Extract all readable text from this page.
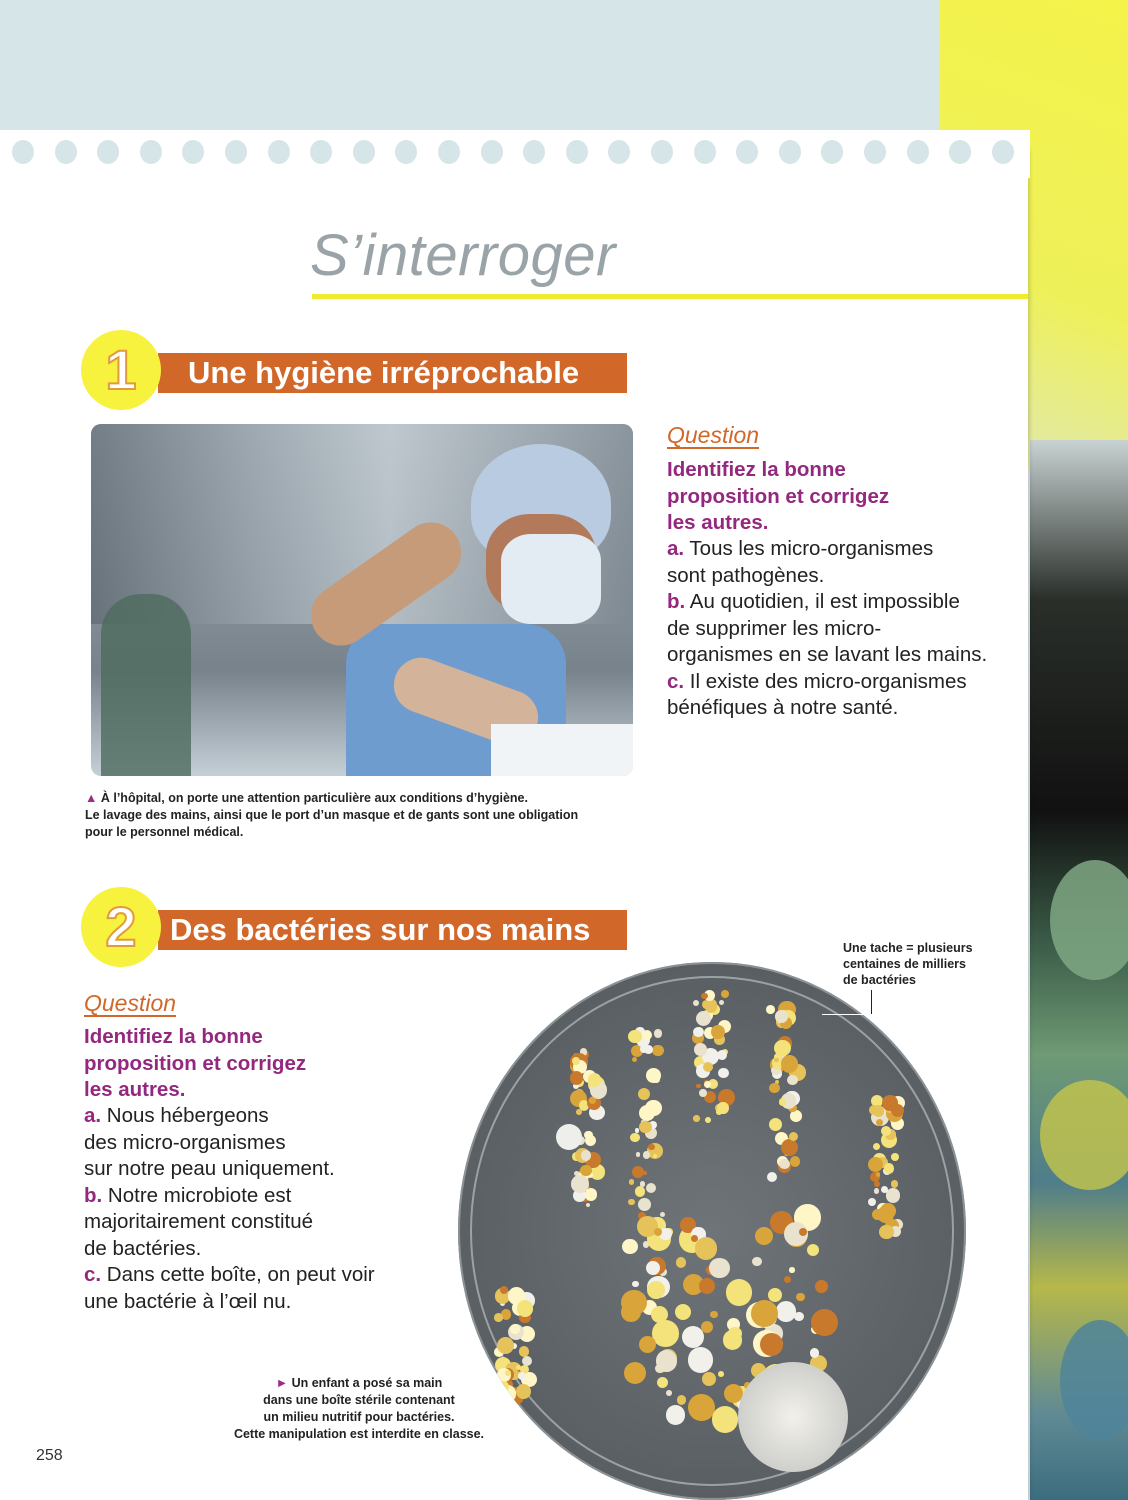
S’interroger
Une hygiène irréprochable
1
▲ À l’hôpital, on porte une attention particulière aux conditions d’hygiène.
Le lavage des mains, ainsi que le port d’un masque et de gants sont une obligation
pour le personnel médical.
Question
Identifiez la bonne
proposition et corrigez
les autres.
a. Tous les micro-organismes
sont pathogènes.
b. Au quotidien, il est impossible
de supprimer les micro-
organismes en se lavant les mains.
c. Il existe des micro-organismes
bénéfiques à notre santé.
Des bactéries sur nos mains
2
Question
Identifiez la bonne
proposition et corrigez
les autres.
a. Nous hébergeons
des micro-organismes
sur notre peau uniquement.
b. Notre microbiote est
majoritairement constitué
de bactéries.
c. Dans cette boîte, on peut voir
une bactérie à l’œil nu.
Une tache = plusieurs
centaines de milliers
de bactéries
► Un enfant a posé sa main
dans une boîte stérile contenant
un milieu nutritif pour bactéries.
Cette manipulation est interdite en classe.
258
